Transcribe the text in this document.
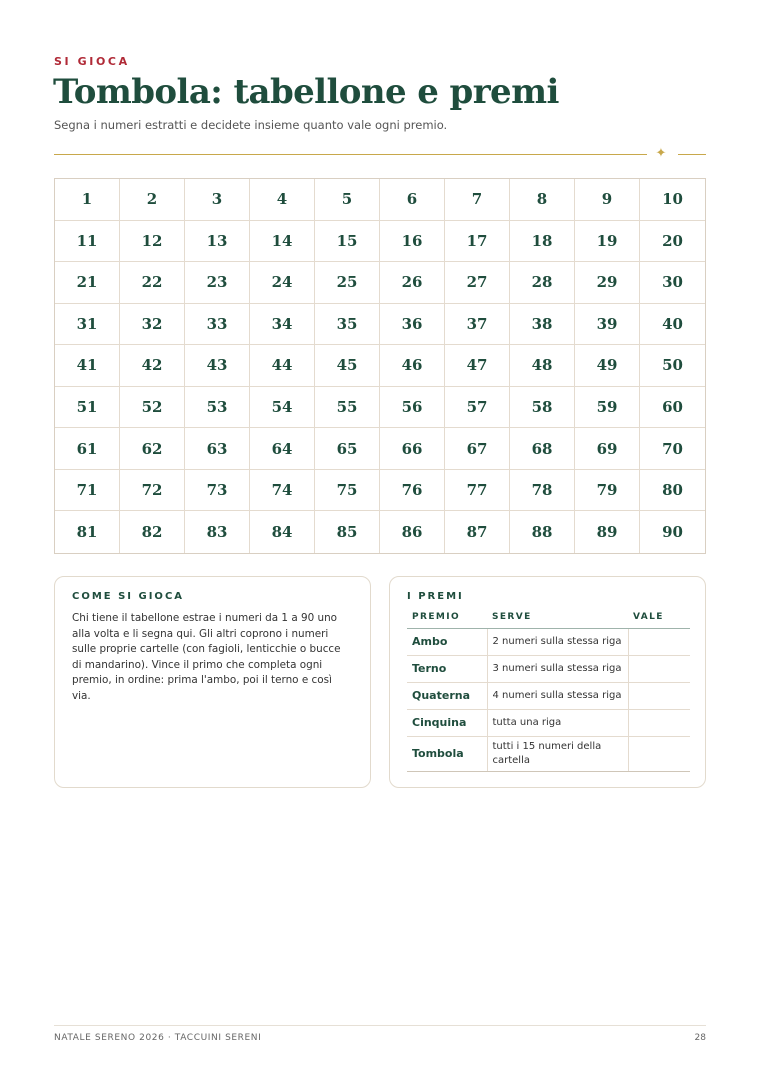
SI GIOCA
Tombola: tabellone e premi

Segna i numeri estratti e decidete insieme quanto vale ogni premio.

✦
1	2	3	4	5	6	7	8	9	10
11	12	13	14	15	16	17	18	19	20
21	22	23	24	25	26	27	28	29	30
31	32	33	34	35	36	37	38	39	40
41	42	43	44	45	46	47	48	49	50
51	52	53	54	55	56	57	58	59	60
61	62	63	64	65	66	67	68	69	70
71	72	73	74	75	76	77	78	79	80
81	82	83	84	85	86	87	88	89	90
COME SI GIOCA

Chi tiene il tabellone estrae i numeri da 1 a 90 uno alla volta e li segna qui. Gli altri coprono i numeri sulle proprie cartelle (con fagioli, lenticchie o bucce di mandarino). Vince il primo che completa ogni premio, in ordine: prima l'ambo, poi il terno e così via.

I PREMI
PREMIO	SERVE	VALE
Ambo	2 numeri sulla stessa riga	
Terno	3 numeri sulla stessa riga	
Quaterna	4 numeri sulla stessa riga	
Cinquina	tutta una riga	
Tombola	tutti i 15 numeri della cartella	
NATALE SERENO 2026 · TACCUINI SERENI	28
